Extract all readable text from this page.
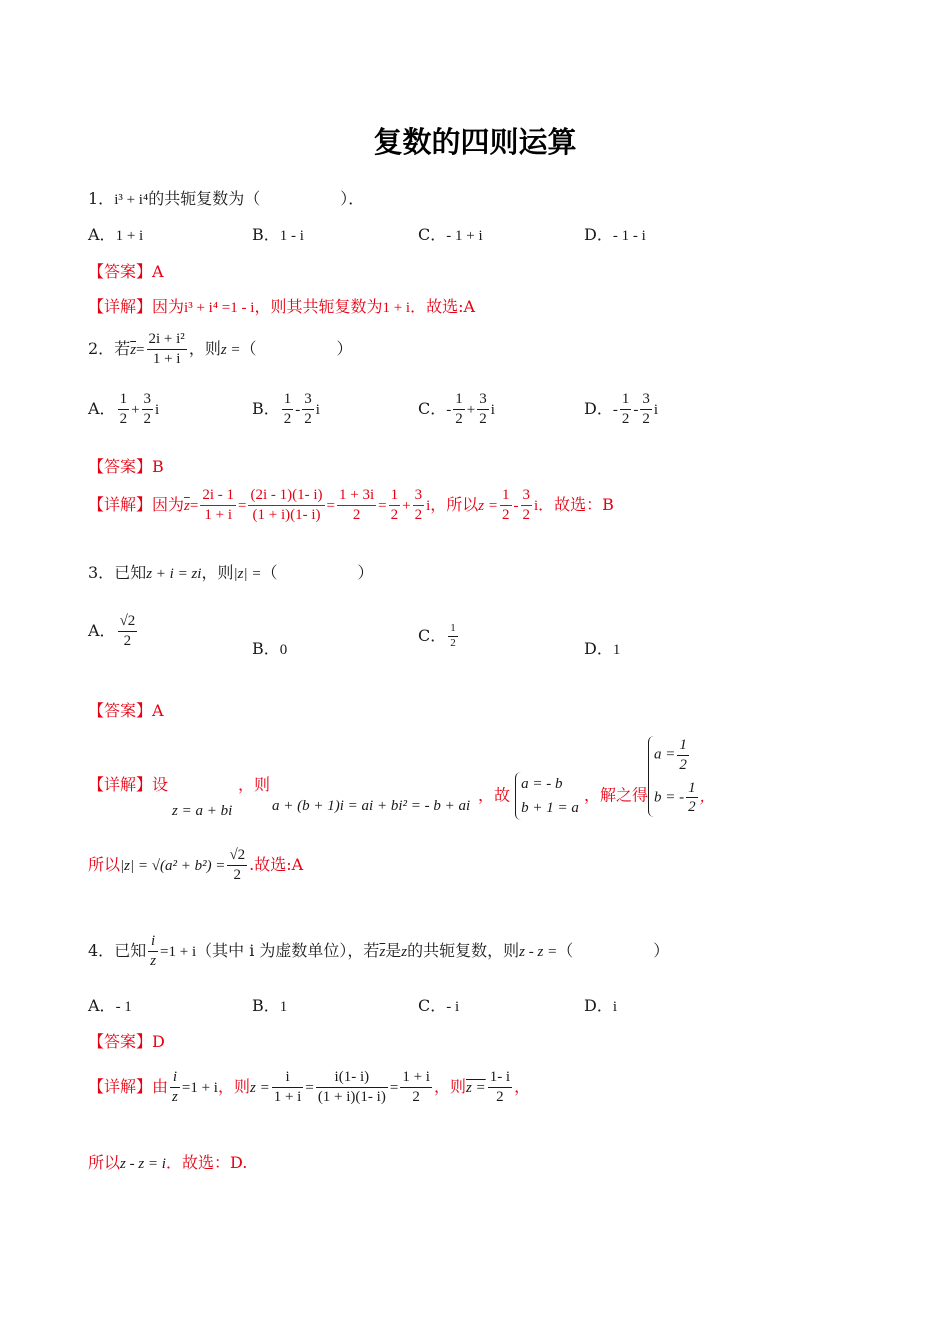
复数的四则运算
1．i³ + i⁴的共轭复数为（　　　　　）．
A．1 + i	B．1 - i	C．- 1 + i	D．- 1 - i
【答案】A
【详解】因为i³ + i⁴ =1 - i，则其共轭复数为1 + i．故选:A
2．若$\overline{z}= \frac{\text{2i + i²}}{1 + i}$ ，则z =（　　　　　）
A． $\frac{1}{2} + \frac{3}{2}$ i	B． $\frac{1}{2} - \frac{3}{2}$ i	C．- $\frac{1}{2} + \frac{3}{2}$ i	D．- $\frac{1}{2} - \frac{3}{2}$ i
【答案】B
【详解】因为$\overline{z}= \frac{2i - 1}{1 + i} = \frac{(2i - 1)(1- i)}{(1 + i)(1- i)} = \frac{1 + 3i}{2} = \frac{1}{2} + \frac{3}{2}$ i，所以$z = \frac{1}{2} - \frac{3}{2}$ i．故选：B
3．已知z + i = zi，则|z| =（　　　　　）
A． $\frac{√2}{2}$	B．0
C． $\frac{1}{2}$	D．1
【答案】A
【详解】设	，则
z = a + bi	a + (b + 1)i = ai + bi² = - b + ai
，故
a = - b
b + 1 = a
，解之得
$a = \frac{1}{2}$
b = - $\frac{1}{2}$ ，
所以$|z| = √(a^2 + b^2) = \frac{√2}{2}$ .故选:A
4．已知 $\frac{i}{z} =1 + i$（其中 i 为虚数单位），若$\overline{z}$是z的共轭复数，则z - z =（　　　　　）
A．- 1	B．1	C．- i	D．i
【答案】D
【详解】由 $\frac{i}{z} =1 + i$，则$z = \frac{i}{1 + i} = \frac{i(1- i)}{(1 + i)(1- i)} = \frac{1 + i}{2}$ ，则$z = \frac{1- i}{2}$ ，
所以z - z = i．故选：D.
